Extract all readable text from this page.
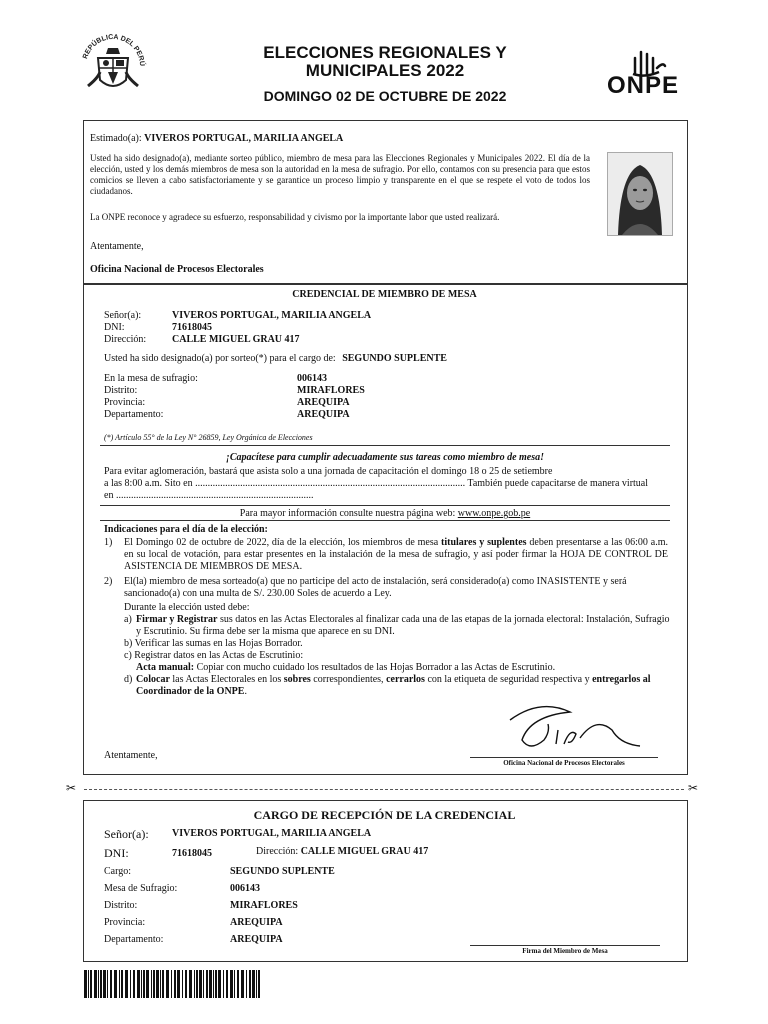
REPÚBLICA DEL PERÚ
ELECCIONES REGIONALES Y
MUNICIPALES 2022
DOMINGO 02 DE OCTUBRE DE 2022	ONPE
Estimado(a): VIVEROS PORTUGAL, MARILIA ANGELA

Usted ha sido designado(a), mediante sorteo público, miembro de mesa para las Elecciones Regionales y Municipales 2022. El día de la elección, usted y los demás miembros de mesa son la autoridad en la mesa de sufragio. Por ello, contamos con su presencia para que estos comicios se lleven a cabo satisfactoriamente y se garantice un proceso limpio y transparente en el que se respete el voto de todos los ciudadanos.

La ONPE reconoce y agradece su esfuerzo, responsabilidad y civismo por la importante labor que usted realizará.

Atentamente,
Oficina Nacional de Procesos Electorales
CREDENCIAL DE MIEMBRO DE MESA
Señor(a):	VIVEROS PORTUGAL, MARILIA ANGELA
DNI:	71618045
Dirección:	CALLE MIGUEL GRAU 417
Usted ha sido designado(a) por sorteo(*) para el cargo de: SEGUNDO SUPLENTE
En la mesa de sufragio:	006143
Distrito:	MIRAFLORES
Provincia:	AREQUIPA
Departamento:	AREQUIPA
(*) Artículo 55° de la Ley N° 26859, Ley Orgánica de Elecciones
¡Capacítese para cumplir adecuadamente sus tareas como miembro de mesa!
Para evitar aglomeración, bastará que asista solo a una jornada de capacitación el domingo 18 o 25 de setiembre
a las 8:00 a.m. Sito en ............................................................................................................ También puede capacitarse de manera virtual
en ...............................................................................
Para mayor información consulte nuestra página web: www.onpe.gob.pe
Indicaciones para el día de la elección:
1)	El Domingo 02 de octubre de 2022, día de la elección, los miembros de mesa titulares y suplentes deben presentarse a las 06:00 a.m. en su local de votación, para estar presentes en la instalación de la mesa de sufragio, y así poder firmar la HOJA DE CONTROL DE ASISTENCIA DE MIEMBROS DE MESA.

2)	El(la) miembro de mesa sorteado(a) que no participe del acto de instalación, será considerado(a) como INASISTENTE y será sancionado(a) con una multa de S/. 230.00 Soles de acuerdo a Ley.

Durante la elección usted debe:
a) Firmar y Registrar sus datos en las Actas Electorales al finalizar cada una de las etapas de la jornada electoral: Instalación, Sufragio y Escrutinio. Su firma debe ser la misma que aparece en su DNI.

b) Verificar las sumas en las Hojas Borrador.
c) Registrar datos en las Actas de Escrutinio:
Acta manual: Copiar con mucho cuidado los resultados de las Hojas Borrador a las Actas de Escrutinio.
d) Colocar las Actas Electorales en los sobres correspondientes, cerrarlos con la etiqueta de seguridad respectiva y entregarlos al Coordinador de la ONPE.

Atentamente,
Oficina Nacional de Procesos Electorales
✂	✂
CARGO DE RECEPCIÓN DE LA CREDENCIAL
Señor(a): VIVEROS PORTUGAL, MARILIA ANGELA
DNI:	71618045	Dirección: CALLE MIGUEL GRAU 417
Cargo:	SEGUNDO SUPLENTE
Mesa de Sufragio:	006143
Distrito:	MIRAFLORES
Provincia:	AREQUIPA
Departamento:	AREQUIPA
Firma del Miembro de Mesa
